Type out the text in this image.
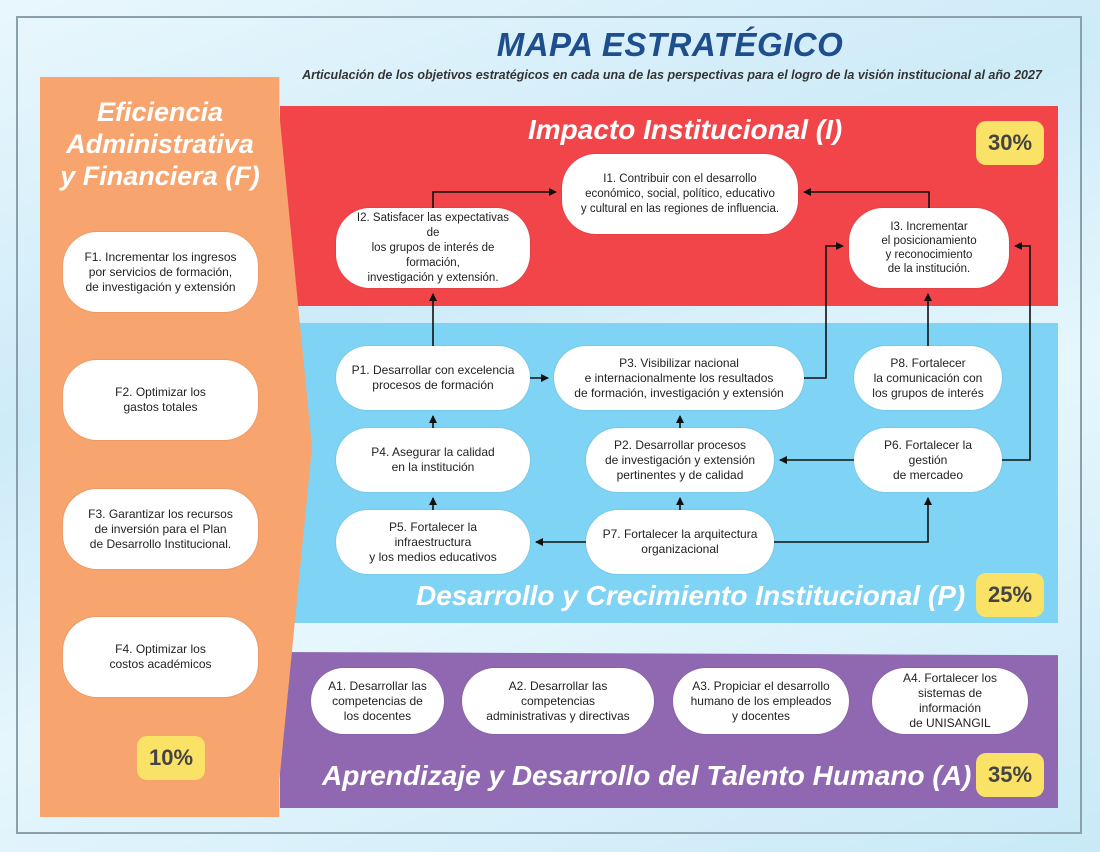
MAPA ESTRATÉGICO
Articulación de los objetivos estratégicos en cada una de las perspectivas para el logro de la visión institucional al año 2027
Eficiencia
Administrativa
y Financiera (F)
F1. Incrementar los ingresos
por servicios de formación,
de investigación y extensión
F2. Optimizar los
gastos totales
F3. Garantizar los recursos
de inversión para el Plan
de Desarrollo Institucional.
F4. Optimizar los
costos académicos
10%
Impacto Institucional (I)	30%
I1. Contribuir con el desarrollo
económico, social, político, educativo
y cultural en las regiones de influencia.
I2. Satisfacer las expectativas de
los grupos de interés de formación,
investigación y extensión.
I3. Incrementar
el posicionamiento
y reconocimiento
de la institución.
P1. Desarrollar con excelencia
procesos de formación
P3. Visibilizar nacional
e internacionalmente los resultados
de formación, investigación y extensión
P8. Fortalecer
la comunicación con
los grupos de interés
P4. Asegurar la calidad
en la institución
P2. Desarrollar procesos
de investigación y extensión
pertinentes y de calidad
P6. Fortalecer la gestión
de mercadeo
P5. Fortalecer la infraestructura
y los medios educativos
P7. Fortalecer la arquitectura
organizacional
Desarrollo y Crecimiento Institucional (P)	25%
A1. Desarrollar las
competencias de
los docentes
A2. Desarrollar las competencias
administrativas y directivas
A3. Propiciar el desarrollo
humano de los empleados
y docentes
A4. Fortalecer los
sistemas de información
de UNISANGIL
Aprendizaje y Desarrollo del Talento Humano (A) 35%
